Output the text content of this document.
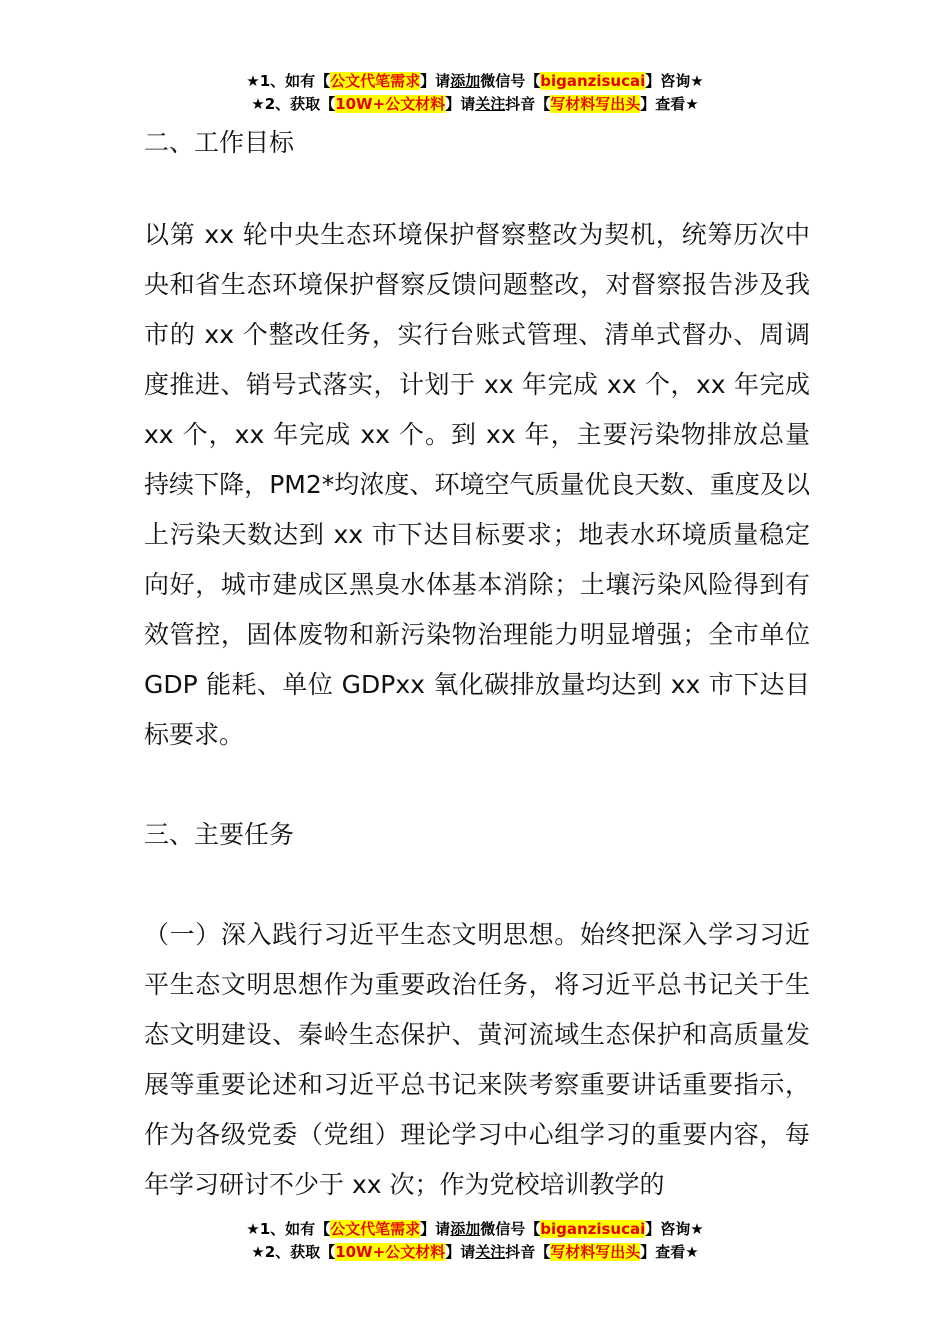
★1、如有【公文代笔需求】请添加微信号【biganzisucai】咨询★
★2、获取【10W+公文材料】请关注抖音【写材料写出头】查看★

二、工作目标

以第 xx 轮中央生态环境保护督察整改为契机，统筹历次中央和省生态环境保护督察反馈问题整改，对督察报告涉及我市的 xx 个整改任务，实行台账式管理、清单式督办、周调度推进、销号式落实，计划于 xx 年完成 xx 个，xx 年完成 xx 个，xx 年完成 xx 个。到 xx 年，主要污染物排放总量持续下降，PM2*均浓度、环境空气质量优良天数、重度及以上污染天数达到 xx 市下达目标要求；地表水环境质量稳定向好，城市建成区黑臭水体基本消除；土壤污染风险得到有效管控，固体废物和新污染物治理能力明显增强；全市单位 GDP 能耗、单位 GDPxx 氧化碳排放量均达到 xx 市下达目标要求。

三、主要任务

（一）深入践行习近平生态文明思想。始终把深入学习习近平生态文明思想作为重要政治任务，将习近平总书记关于生态文明建设、秦岭生态保护、黄河流域生态保护和高质量发展等重要论述和习近平总书记来陕考察重要讲话重要指示，作为各级党委（党组）理论学习中心组学习的重要内容，每年学习研讨不少于 xx 次；作为党校培训教学的

★1、如有【公文代笔需求】请添加微信号【biganzisucai】咨询★
★2、获取【10W+公文材料】请关注抖音【写材料写出头】查看★
